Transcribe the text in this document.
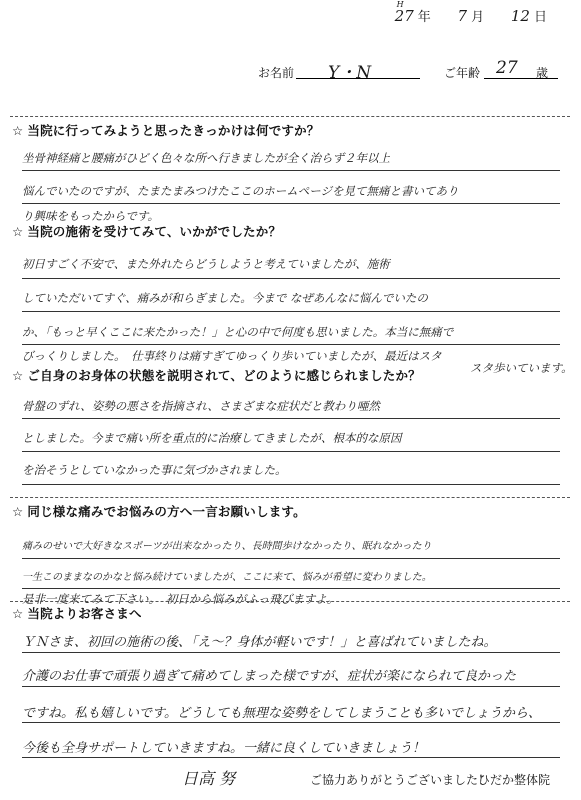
H
27 年 7 月 12 日
お名前 Y・N	ご年齢 27 歳
☆ 当院に行ってみようと思ったきっかけは何ですか？
坐骨神経痛と腰痛がひどく色々な所へ行きましたが全く治らず２年以上
悩んでいたのですが、たまたまみつけたここのホームページを見て無痛と書いてあり
り興味をもったからです。
☆ 当院の施術を受けてみて、いかがでしたか？
初日すごく不安で、また外れたらどうしようと考えていましたが、施術
していただいてすぐ、痛みが和らぎました。今まで なぜあんなに悩んでいたの
か、「もっと早くここに来たかった！」と心の中で何度も思いました。本当に無痛で
びっくりしました。　仕事終りは痛すぎてゆっくり歩いていましたが、最近はスタ
スタ歩いています。
☆ ご自身のお身体の状態を説明されて、どのように感じられましたか？
骨盤のずれ、姿勢の悪さを指摘され、さまざまな症状だと教わり唖然
としました。今まで痛い所を重点的に治療してきましたが、根本的な原因
を治そうとしていなかった事に気づかされました。
☆ 同じ様な痛みでお悩みの方へ一言お願いします。
痛みのせいで大好きなスポーツが出来なかったり、長時間歩けなかったり、眠れなかったり
一生このままなのかなと悩み続けていましたが、ここに来て、悩みが希望に変わりました。
是非一度来てみて下さい。　初日から悩みがふっ飛びますよ。
☆ 当院よりお客さまへ
ＹＮさま、初回の施術の後、「え〜？身体が軽いです！」と喜ばれていましたね。
介護のお仕事で頑張り過ぎて痛めてしまった様ですが、症状が楽になられて良かった
ですね。私も嬉しいです。どうしても無理な姿勢をしてしまうことも多いでしょうから、
今後も全身サポートしていきますね。一緒に良くしていきましょう！
日高 努	ご協力ありがとうございました！
ひだか整体院
